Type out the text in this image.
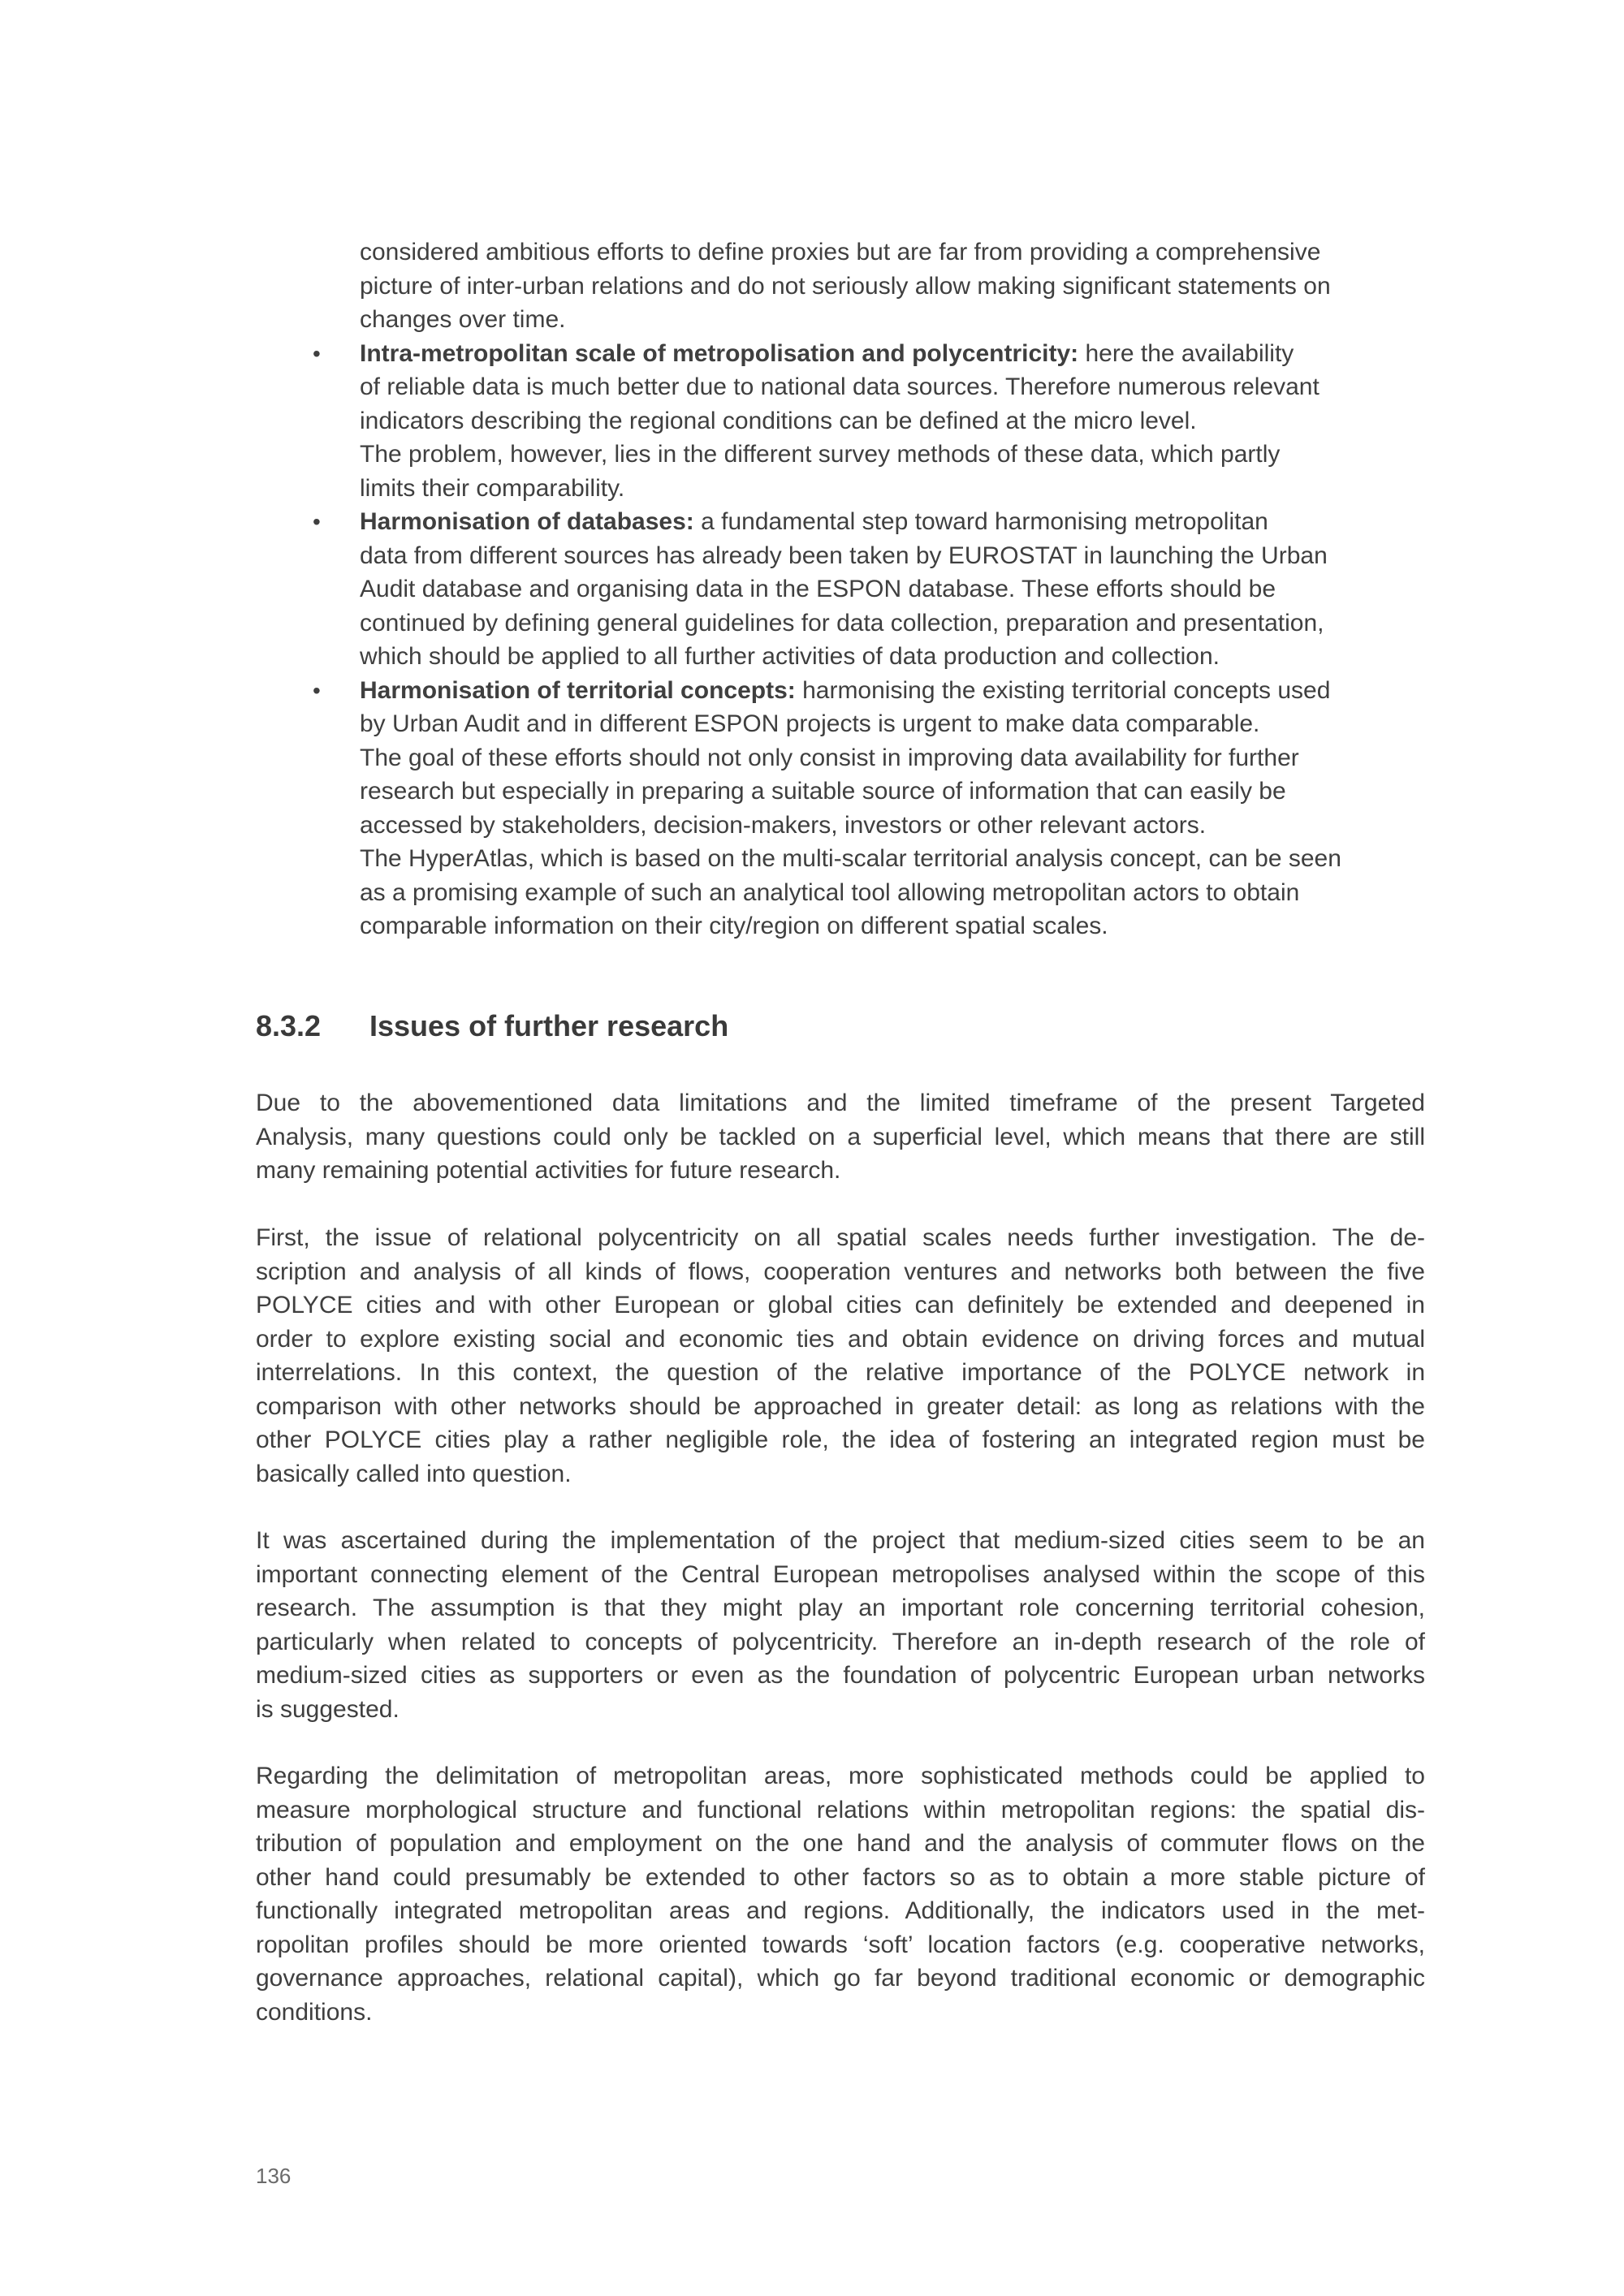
considered ambitious efforts to define proxies but are far from providing a comprehensive
picture of inter-urban relations and do not seriously allow making significant statements on
changes over time.
• Intra-metropolitan scale of metropolisation and polycentricity: here the availability
of reliable data is much better due to national data sources. Therefore numerous relevant
indicators describing the regional conditions can be defined at the micro level.
The problem, however, lies in the different survey methods of these data, which partly
limits their comparability.
• Harmonisation of databases: a fundamental step toward harmonising metropolitan
data from different sources has already been taken by EUROSTAT in launching the Urban
Audit database and organising data in the ESPON database. These efforts should be
continued by defining general guidelines for data collection, preparation and presentation,
which should be applied to all further activities of data production and collection.
• Harmonisation of territorial concepts: harmonising the existing territorial concepts used
by Urban Audit and in different ESPON projects is urgent to make data comparable.
The goal of these efforts should not only consist in improving data availability for further
research but especially in preparing a suitable source of information that can easily be
accessed by stakeholders, decision-makers, investors or other relevant actors.
The HyperAtlas, which is based on the multi-scalar territorial analysis concept, can be seen
as a promising example of such an analytical tool allowing metropolitan actors to obtain
comparable information on their city/region on different spatial scales.
8.3.2 Issues of further research
Due to the abovementioned data limitations and the limited timeframe of the present Targeted
Analysis, many questions could only be tackled on a superficial level, which means that there are still
many remaining potential activities for future research.
First, the issue of relational polycentricity on all spatial scales needs further investigation. The de-
scription and analysis of all kinds of flows, cooperation ventures and networks both between the five
POLYCE cities and with other European or global cities can definitely be extended and deepened in
order to explore existing social and economic ties and obtain evidence on driving forces and mutual
interrelations. In this context, the question of the relative importance of the POLYCE network in
comparison with other networks should be approached in greater detail: as long as relations with the
other POLYCE cities play a rather negligible role, the idea of fostering an integrated region must be
basically called into question.
It was ascertained during the implementation of the project that medium-sized cities seem to be an
important connecting element of the Central European metropolises analysed within the scope of this
research. The assumption is that they might play an important role concerning territorial cohesion,
particularly when related to concepts of polycentricity. Therefore an in-depth research of the role of
medium-sized cities as supporters or even as the foundation of polycentric European urban networks
is suggested.
Regarding the delimitation of metropolitan areas, more sophisticated methods could be applied to
measure morphological structure and functional relations within metropolitan regions: the spatial dis-
tribution of population and employment on the one hand and the analysis of commuter flows on the
other hand could presumably be extended to other factors so as to obtain a more stable picture of
functionally integrated metropolitan areas and regions. Additionally, the indicators used in the met-
ropolitan profiles should be more oriented towards ‘soft’ location factors (e.g. cooperative networks,
governance approaches, relational capital), which go far beyond traditional economic or demographic
conditions.
136
